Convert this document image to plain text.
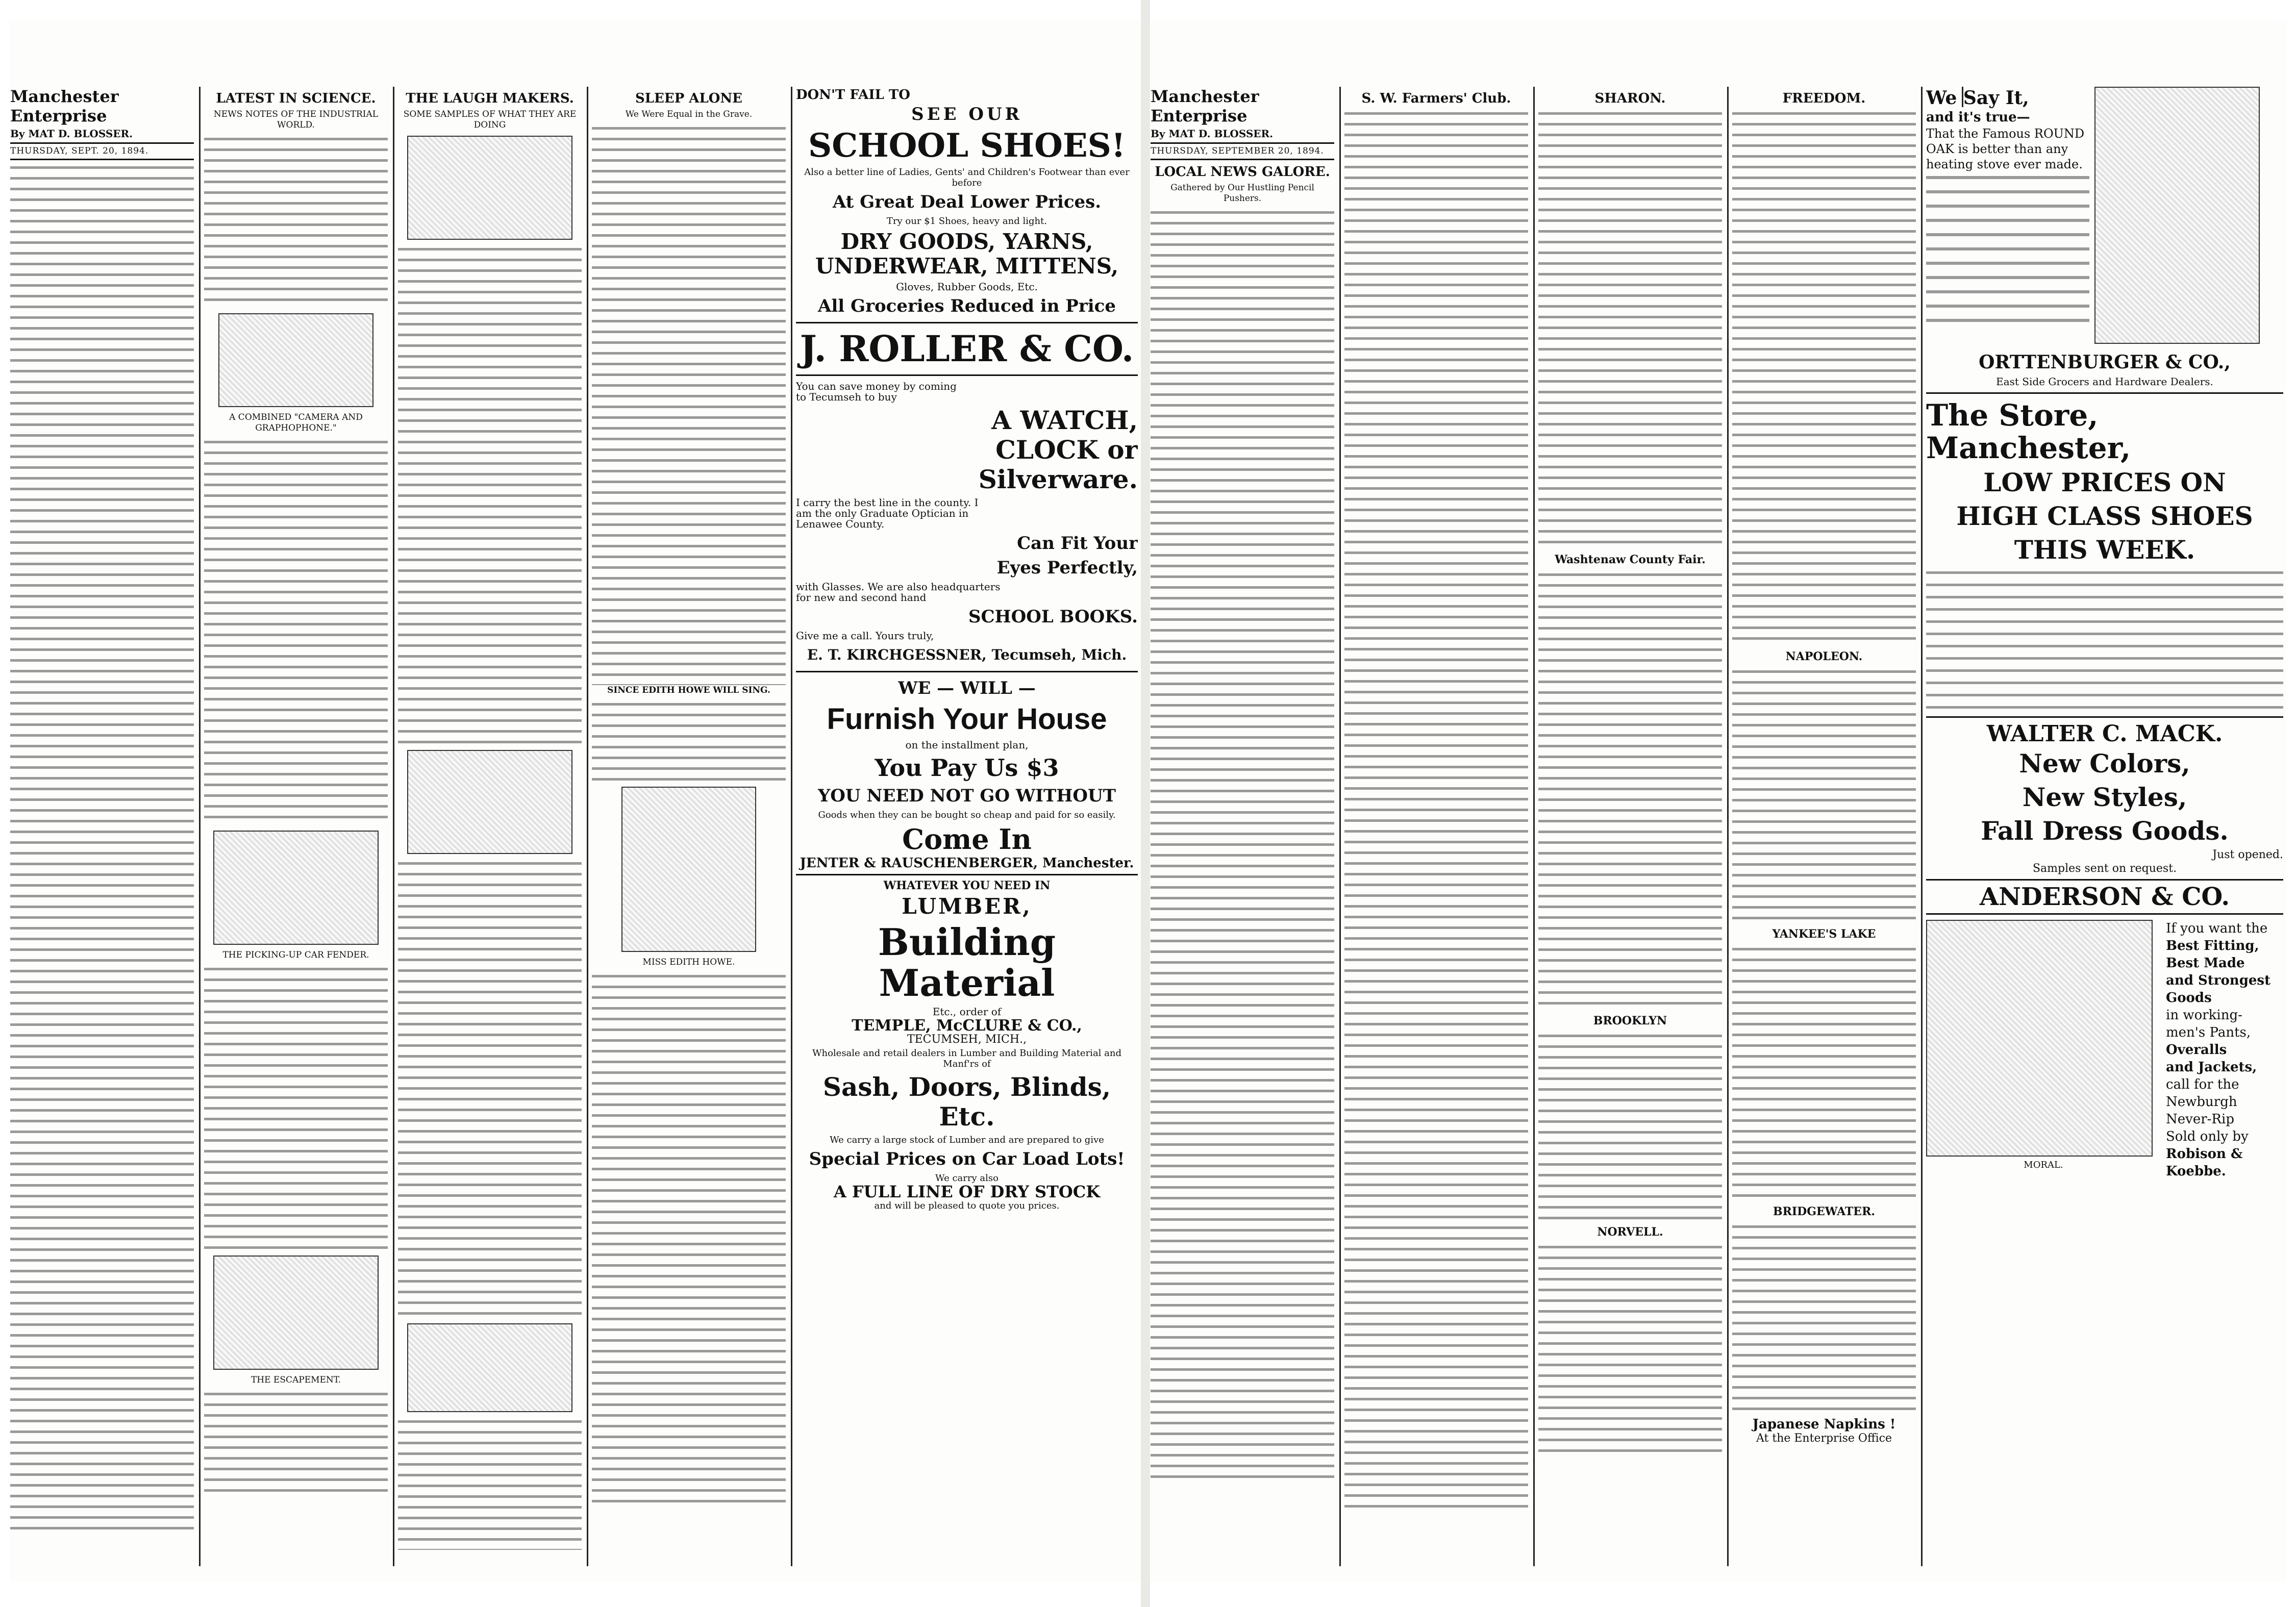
Manchester Enterprise
By MAT D. BLOSSER.
THURSDAY, SEPT. 20, 1894.
LATEST IN SCIENCE.
NEWS NOTES OF THE INDUSTRIAL WORLD.
A COMBINED "CAMERA AND GRAPHOPHONE."
THE PICKING-UP CAR FENDER.
THE ESCAPEMENT.
THE LAUGH MAKERS.
SOME SAMPLES OF WHAT THEY ARE DOING
SLEEP ALONE
We Were Equal in the Grave.
SINCE EDITH HOWE WILL SING.
MISS EDITH HOWE.
DON'T FAIL TO
SEE OUR
SCHOOL SHOES!
Also a better line of Ladies, Gents' and Children's Footwear than ever before
At Great Deal Lower Prices.
Try our $1 Shoes, heavy and light.
DRY GOODS, YARNS, UNDERWEAR, MITTENS,
Gloves, Rubber Goods, Etc.
All Groceries Reduced in Price
J. ROLLER & CO.
You can save money by coming to Tecumseh to buy
A WATCH,
CLOCK or
Silverware.
I carry the best line in the county. I am the only Graduate Optician in Lenawee County.
Can Fit Your
Eyes Perfectly,
with Glasses. We are also headquarters for new and second hand
SCHOOL BOOKS.
Give me a call. Yours truly,
E. T. KIRCHGESSNER, Tecumseh, Mich.
WE — WILL —
Furnish Your House
on the installment plan,
You Pay Us $3
YOU NEED NOT GO WITHOUT
Goods when they can be bought so cheap and paid for so easily.
Come In
JENTER & RAUSCHENBERGER, Manchester.
WHATEVER YOU NEED IN
LUMBER,
Building Material
Etc., order of
TEMPLE, McCLURE & CO.,
TECUMSEH, MICH.,
Wholesale and retail dealers in Lumber and Building Material and Manf'rs of
Sash, Doors, Blinds, Etc.
We carry a large stock of Lumber and are prepared to give
Special Prices on Car Load Lots!
We carry also
A FULL LINE OF DRY STOCK
and will be pleased to quote you prices.
Manchester Enterprise
By MAT D. BLOSSER.
THURSDAY, SEPTEMBER 20, 1894.
LOCAL NEWS GALORE.
Gathered by Our Hustling Pencil Pushers.
S. W. Farmers' Club.	SHARON.
Washtenaw County Fair.
BROOKLYN
NORVELL.
FREEDOM.
NAPOLEON.
YANKEE'S LAKE
BRIDGEWATER.
Japanese Napkins !
At the Enterprise Office
We Say It,
and it's true—
That the Famous ROUND OAK is better than any heating stove ever made.
ORTTENBURGER & CO.,
East Side Grocers and Hardware Dealers.
The Store, Manchester,
LOW PRICES ON
HIGH CLASS SHOES
THIS WEEK.
WALTER C. MACK.
New Colors,
New Styles,
Fall Dress Goods.
Just opened.
Samples sent on request.
ANDERSON & CO.
MORAL.
If you want the
Best Fitting,
Best Made
and Strongest
Goods
in working-men's Pants,
Overalls
and Jackets,
call for the Newburgh Never-Rip
Sold only by
Robison & Koebbe.
